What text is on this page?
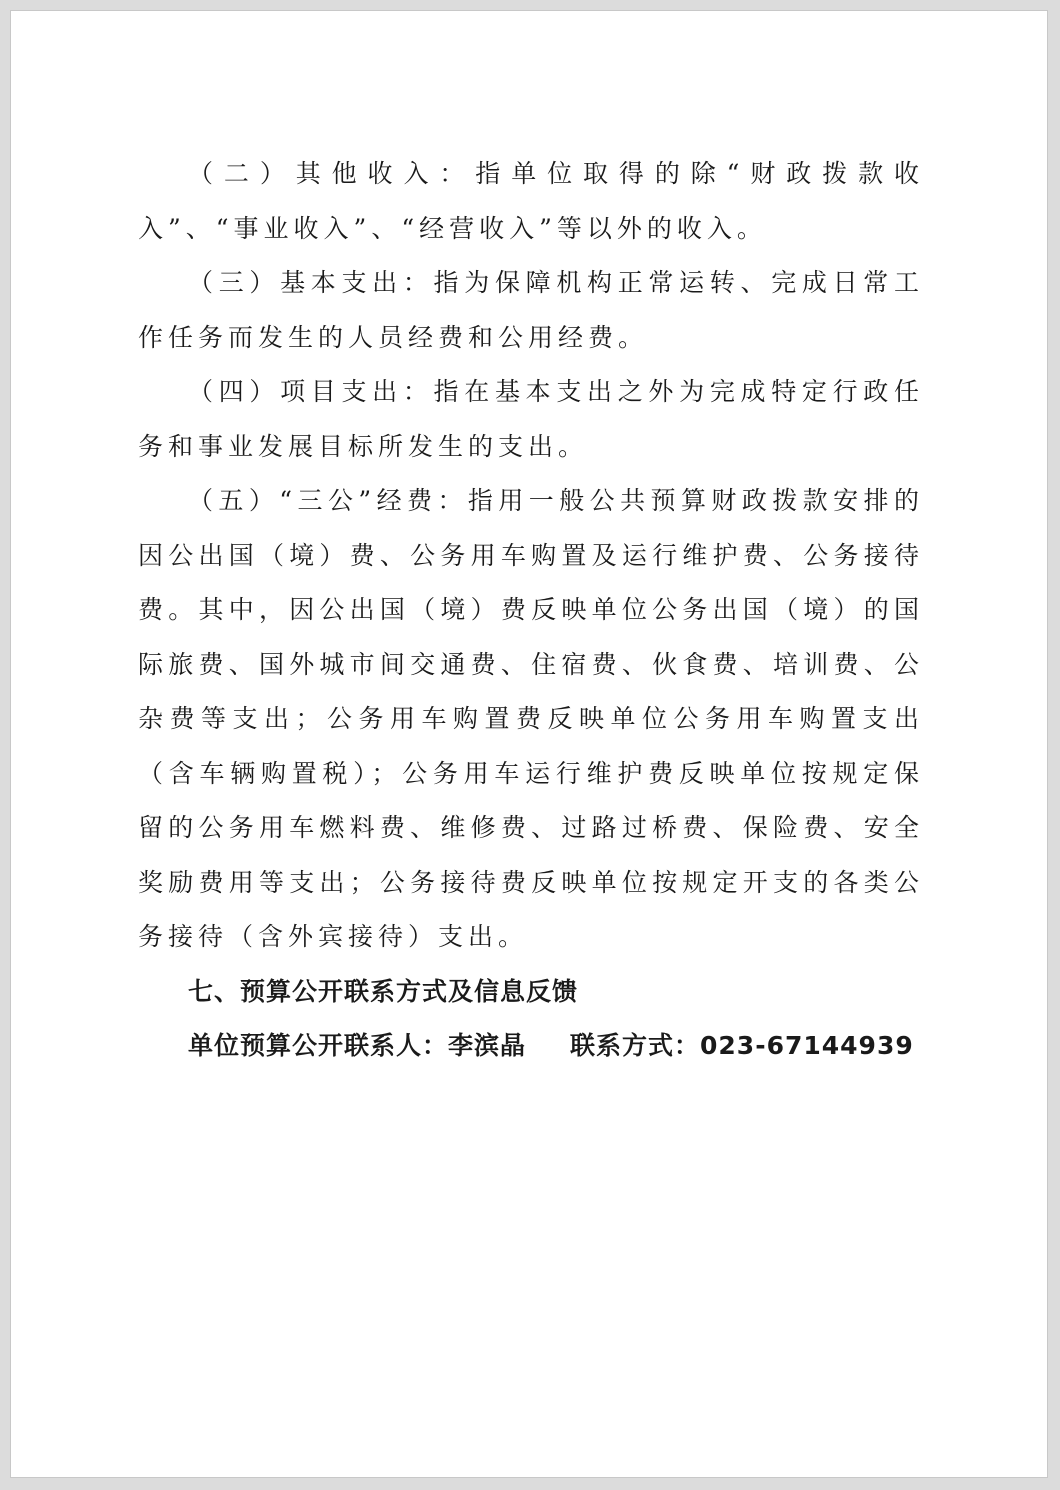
（二）其他收入：指单位取得的除“财政拨款收入”、“事业收入”、“经营收入”等以外的收入。

（三）基本支出：指为保障机构正常运转、完成日常工作任务而发生的人员经费和公用经费。

（四）项目支出：指在基本支出之外为完成特定行政任务和事业发展目标所发生的支出。

（五）“三公”经费：指用一般公共预算财政拨款安排的因公出国（境）费、公务用车购置及运行维护费、公务接待费。其中，因公出国（境）费反映单位公务出国（境）的国际旅费、国外城市间交通费、住宿费、伙食费、培训费、公杂费等支出；公务用车购置费反映单位公务用车购置支出（含车辆购置税）；公务用车运行维护费反映单位按规定保留的公务用车燃料费、维修费、过路过桥费、保险费、安全奖励费用等支出；公务接待费反映单位按规定开支的各类公务接待（含外宾接待）支出。

七、预算公开联系方式及信息反馈

单位预算公开联系人：李滨晶 联系方式：023-67144939
